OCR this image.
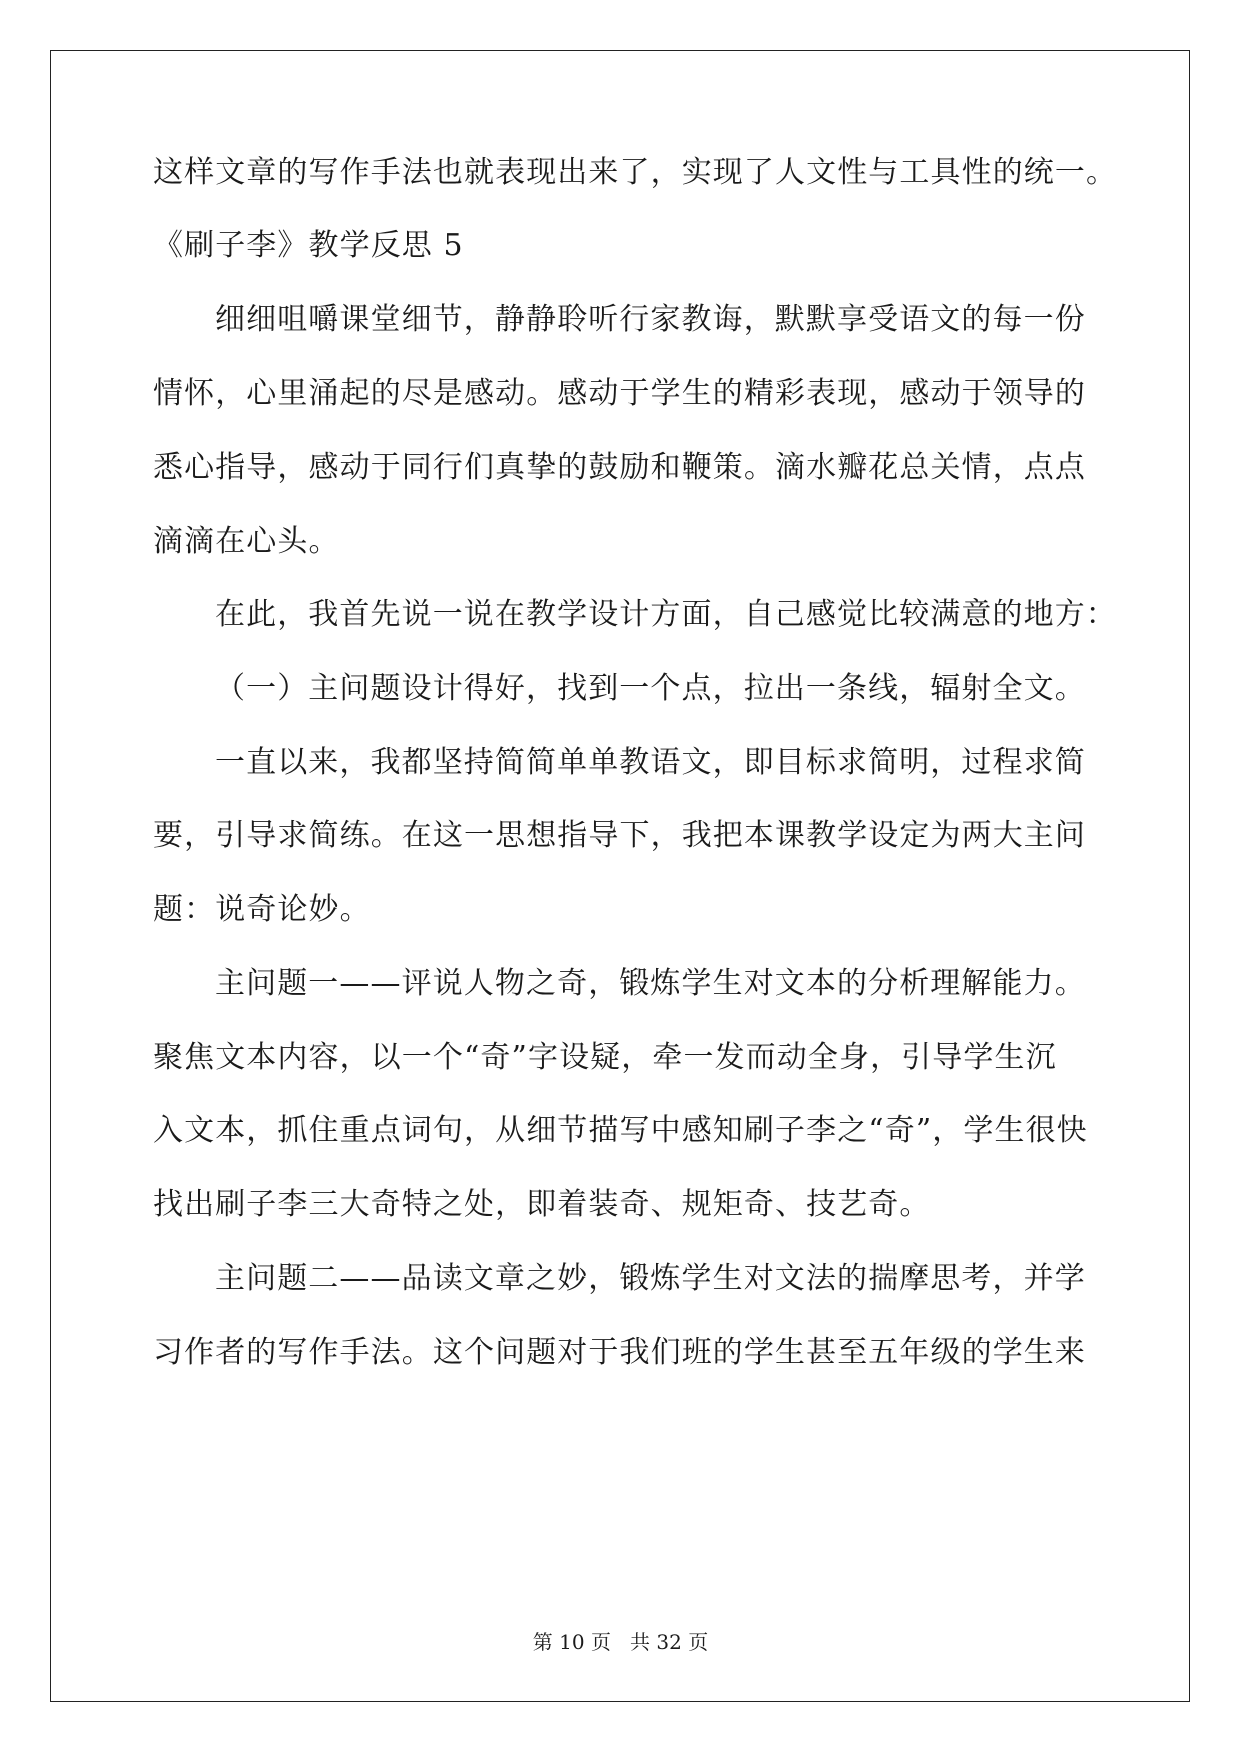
这样文章的写作手法也就表现出来了，实现了人文性与工具性的统一。
《刷子李》教学反思 5
细细咀嚼课堂细节，静静聆听行家教诲，默默享受语文的每一份
情怀，心里涌起的尽是感动。感动于学生的精彩表现，感动于领导的
悉心指导，感动于同行们真挚的鼓励和鞭策。滴水瓣花总关情，点点
滴滴在心头。
在此，我首先说一说在教学设计方面，自己感觉比较满意的地方：
（一）主问题设计得好，找到一个点，拉出一条线，辐射全文。
一直以来，我都坚持简简单单教语文，即目标求简明，过程求简
要，引导求简练。在这一思想指导下，我把本课教学设定为两大主问
题：说奇论妙。
主问题一——评说人物之奇，锻炼学生对文本的分析理解能力。
聚焦文本内容，以一个“奇”字设疑，牵一发而动全身，引导学生沉
入文本，抓住重点词句，从细节描写中感知刷子李之“奇”，学生很快
找出刷子李三大奇特之处，即着装奇、规矩奇、技艺奇。
主问题二——品读文章之妙，锻炼学生对文法的揣摩思考，并学
习作者的写作手法。这个问题对于我们班的学生甚至五年级的学生来
第 10 页   共 32 页
